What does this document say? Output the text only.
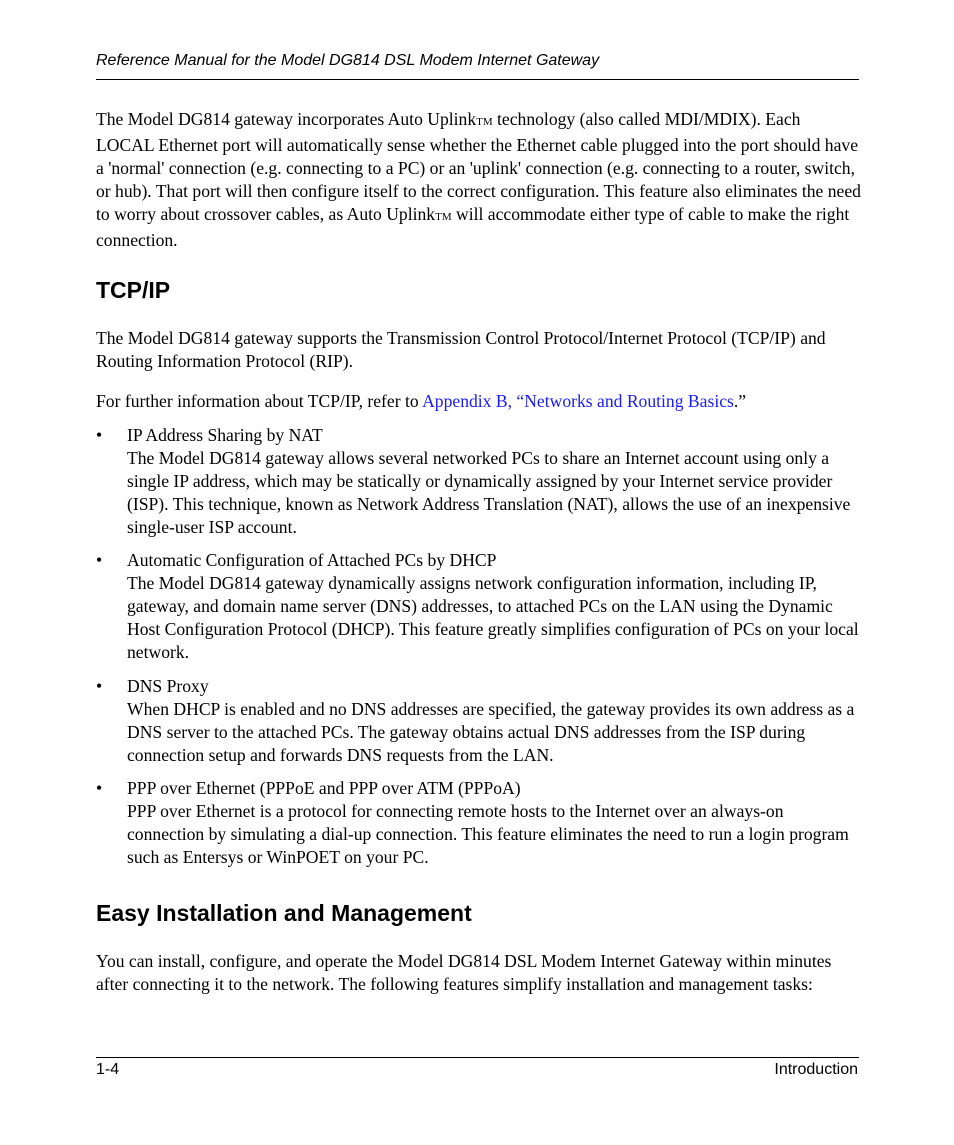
Reference Manual for the Model DG814 DSL Modem Internet Gateway

The Model DG814 gateway incorporates Auto UplinkTM technology (also called MDI/MDIX). Each LOCAL Ethernet port will automatically sense whether the Ethernet cable plugged into the port should have a 'normal' connection (e.g. connecting to a PC) or an 'uplink' connection (e.g. connecting to a router, switch, or hub). That port will then configure itself to the correct configuration. This feature also eliminates the need to worry about crossover cables, as Auto UplinkTM will accommodate either type of cable to make the right connection.

TCP/IP

The Model DG814 gateway supports the Transmission Control Protocol/Internet Protocol (TCP/IP) and Routing Information Protocol (RIP).

For further information about TCP/IP, refer to Appendix B, “Networks and Routing Basics.”

• IP Address Sharing by NAT
The Model DG814 gateway allows several networked PCs to share an Internet account using only a single IP address, which may be statically or dynamically assigned by your Internet service provider (ISP). This technique, known as Network Address Translation (NAT), allows the use of an inexpensive single-user ISP account.
• Automatic Configuration of Attached PCs by DHCP
The Model DG814 gateway dynamically assigns network configuration information, including IP, gateway, and domain name server (DNS) addresses, to attached PCs on the LAN using the Dynamic Host Configuration Protocol (DHCP). This feature greatly simplifies configuration of PCs on your local network.
• DNS Proxy
When DHCP is enabled and no DNS addresses are specified, the gateway provides its own address as a DNS server to the attached PCs. The gateway obtains actual DNS addresses from the ISP during connection setup and forwards DNS requests from the LAN.
• PPP over Ethernet (PPPoE and PPP over ATM (PPPoA)
PPP over Ethernet is a protocol for connecting remote hosts to the Internet over an always-on connection by simulating a dial-up connection. This feature eliminates the need to run a login program such as Entersys or WinPOET on your PC.
Easy Installation and Management

You can install, configure, and operate the Model DG814 DSL Modem Internet Gateway within minutes after connecting it to the network. The following features simplify installation and management tasks:

1-4	Introduction
